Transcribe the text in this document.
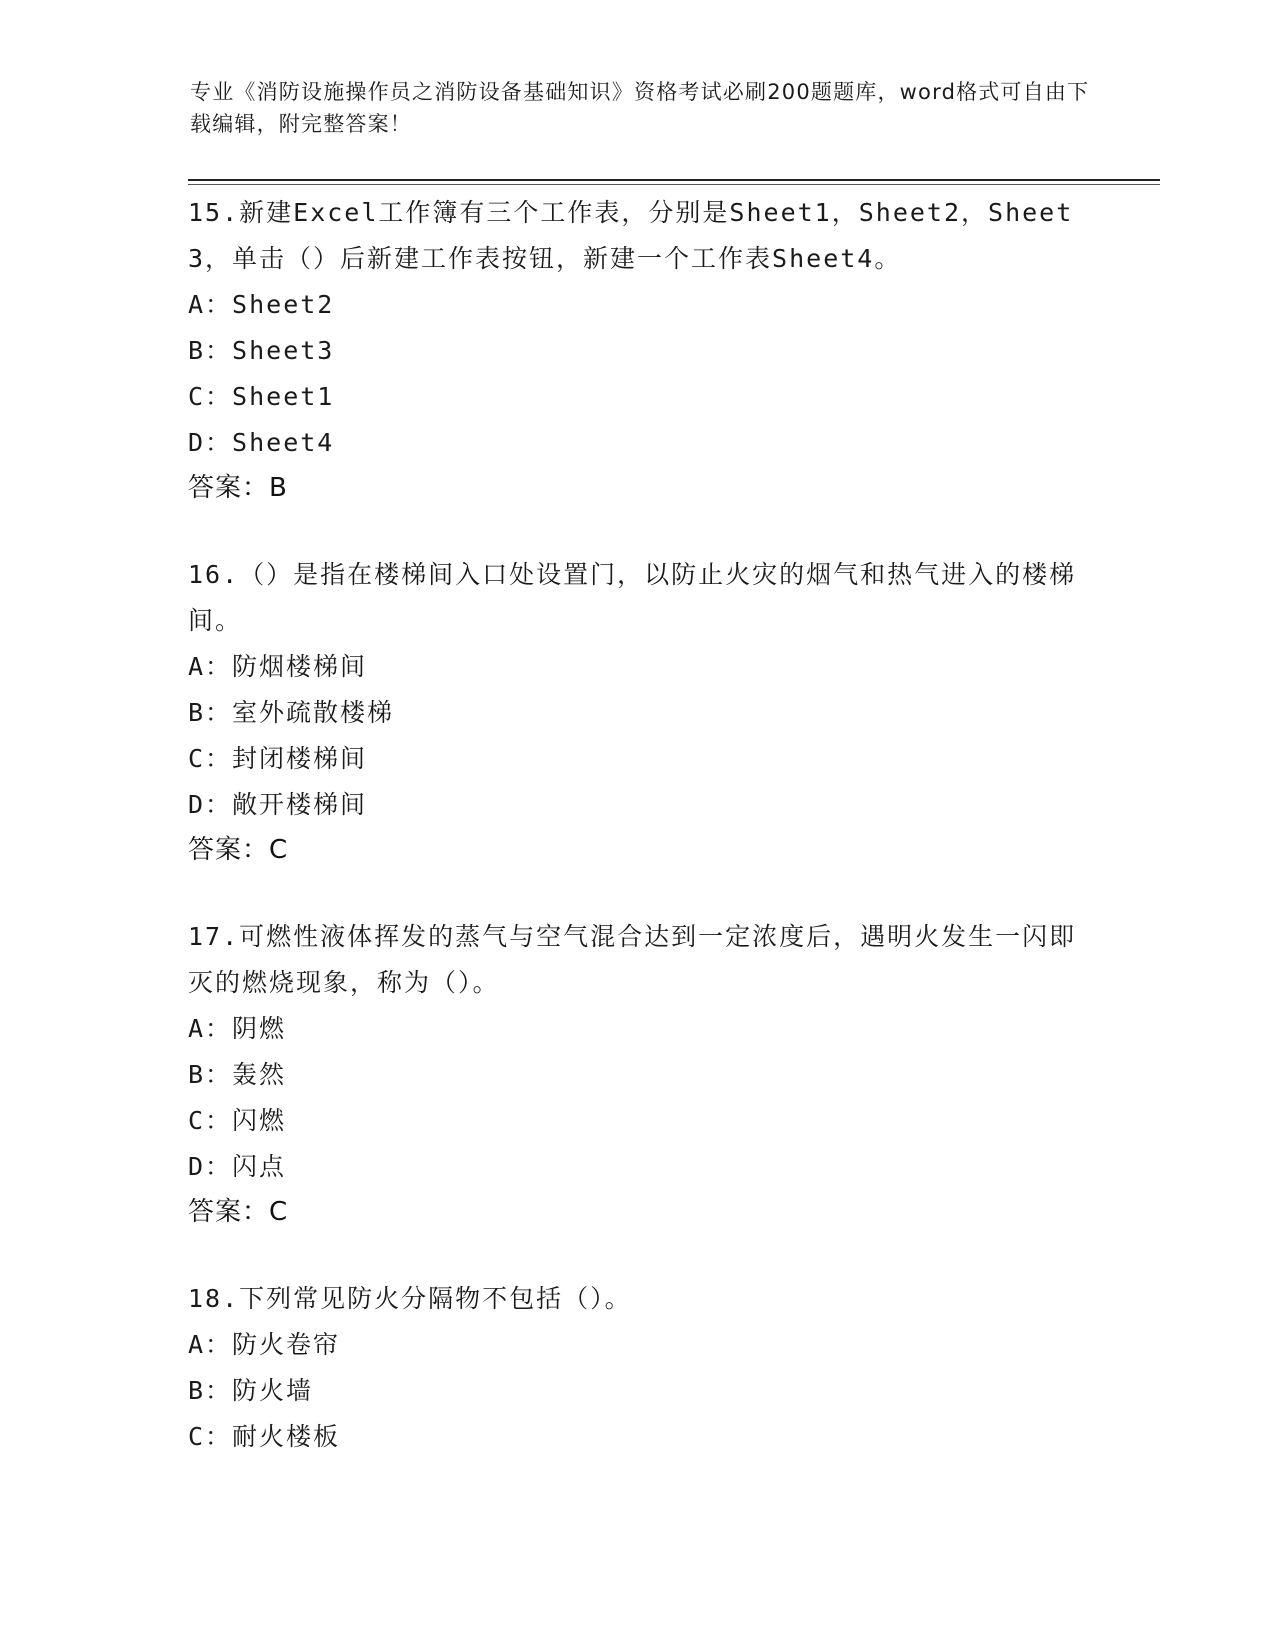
专业《消防设施操作员之消防设备基础知识》资格考试必刷200题题库，word格式可自由下载编辑，附完整答案！
15.新建Excel工作簿有三个工作表，分别是Sheet1，Sheet2，Sheet3，单击（）后新建工作表按钮，新建一个工作表Sheet4。
A：Sheet2
B：Sheet3
C：Sheet1
D：Sheet4
答案：B
16.（）是指在楼梯间入口处设置门，以防止火灾的烟气和热气进入的楼梯间。
A：防烟楼梯间
B：室外疏散楼梯
C：封闭楼梯间
D：敞开楼梯间
答案：C
17.可燃性液体挥发的蒸气与空气混合达到一定浓度后，遇明火发生一闪即灭的燃烧现象，称为（）。
A：阴燃
B：轰然
C：闪燃
D：闪点
答案：C
18.下列常见防火分隔物不包括（）。
A：防火卷帘
B：防火墙
C：耐火楼板
